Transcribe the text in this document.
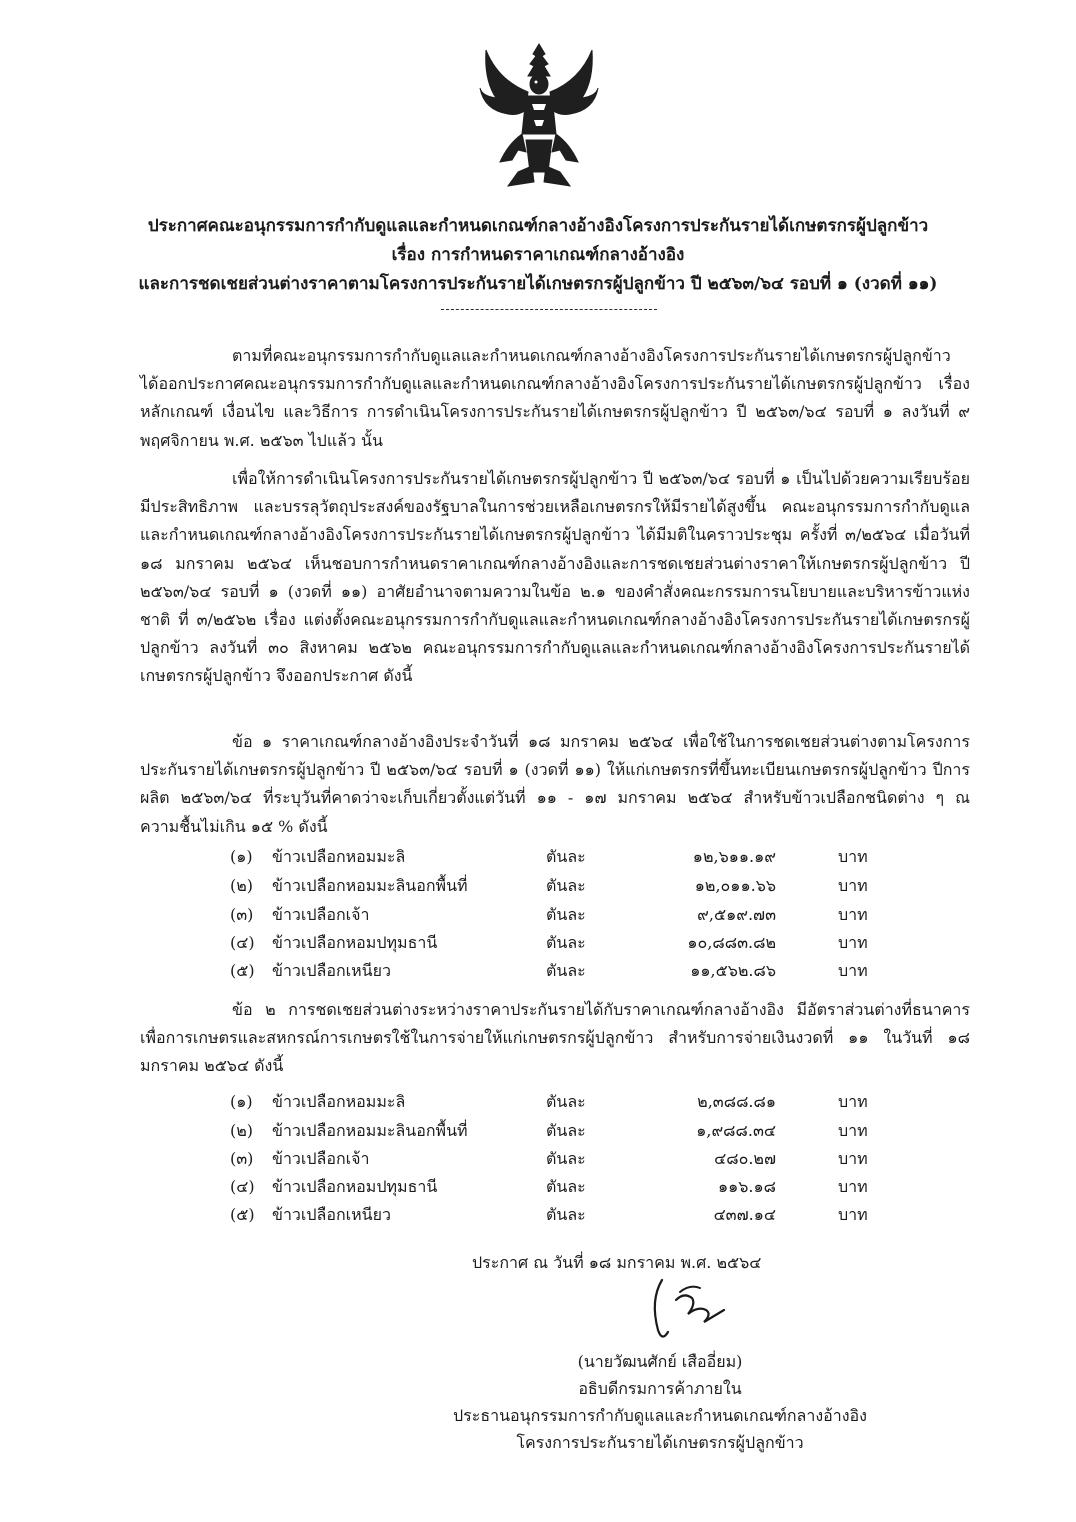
ประกาศคณะอนุกรรมการกำกับดูแลและกำหนดเกณฑ์กลางอ้างอิงโครงการประกันรายได้เกษตรกรผู้ปลูกข้าว
เรื่อง การกำหนดราคาเกณฑ์กลางอ้างอิง
และการชดเชยส่วนต่างราคาตามโครงการประกันรายได้เกษตรกรผู้ปลูกข้าว ปี ๒๕๖๓/๖๔ รอบที่ ๑ (งวดที่ ๑๑)
ตามที่คณะอนุกรรมการกำกับดูแลและกำหนดเกณฑ์กลางอ้างอิงโครงการประกันรายได้เกษตรกรผู้ปลูกข้าว ได้ออกประกาศคณะอนุกรรมการกำกับดูแลและกำหนดเกณฑ์กลางอ้างอิงโครงการประกันรายได้เกษตรกรผู้ปลูกข้าว เรื่อง หลักเกณฑ์ เงื่อนไข และวิธีการ การดำเนินโครงการประกันรายได้เกษตรกรผู้ปลูกข้าว ปี ๒๕๖๓/๖๔ รอบที่ ๑ ลงวันที่ ๙ พฤศจิกายน พ.ศ. ๒๕๖๓ ไปแล้ว นั้น
เพื่อให้การดำเนินโครงการประกันรายได้เกษตรกรผู้ปลูกข้าว ปี ๒๕๖๓/๖๔ รอบที่ ๑ เป็นไปด้วยความเรียบร้อย มีประสิทธิภาพ และบรรลุวัตถุประสงค์ของรัฐบาลในการช่วยเหลือเกษตรกรให้มีรายได้สูงขึ้น คณะอนุกรรมการกำกับดูแลและกำหนดเกณฑ์กลางอ้างอิงโครงการประกันรายได้เกษตรกรผู้ปลูกข้าว ได้มีมติในคราวประชุม ครั้งที่ ๓/๒๕๖๔ เมื่อวันที่ ๑๘ มกราคม ๒๕๖๔ เห็นชอบการกำหนดราคาเกณฑ์กลางอ้างอิงและการชดเชยส่วนต่างราคาให้เกษตรกรผู้ปลูกข้าว ปี ๒๕๖๓/๖๔ รอบที่ ๑ (งวดที่ ๑๑) อาศัยอำนาจตามความในข้อ ๒.๑ ของคำสั่งคณะกรรมการนโยบายและบริหารข้าวแห่งชาติ ที่ ๓/๒๕๖๒ เรื่อง แต่งตั้งคณะอนุกรรมการกำกับดูแลและกำหนดเกณฑ์กลางอ้างอิงโครงการประกันรายได้เกษตรกรผู้ปลูกข้าว ลงวันที่ ๓๐ สิงหาคม ๒๕๖๒ คณะอนุกรรมการกำกับดูแลและกำหนดเกณฑ์กลางอ้างอิงโครงการประกันรายได้เกษตรกรผู้ปลูกข้าว จึงออกประกาศ ดังนี้
ข้อ ๑ ราคาเกณฑ์กลางอ้างอิงประจำวันที่ ๑๘ มกราคม ๒๕๖๔ เพื่อใช้ในการชดเชยส่วนต่างตามโครงการประกันรายได้เกษตรกรผู้ปลูกข้าว ปี ๒๕๖๓/๖๔ รอบที่ ๑ (งวดที่ ๑๑) ให้แก่เกษตรกรที่ขึ้นทะเบียนเกษตรกรผู้ปลูกข้าว ปีการผลิต ๒๕๖๓/๖๔ ที่ระบุวันที่คาดว่าจะเก็บเกี่ยวตั้งแต่วันที่ ๑๑ - ๑๗ มกราคม ๒๕๖๔ สำหรับข้าวเปลือกชนิดต่าง ๆ ณ ความชื้นไม่เกิน ๑๕ % ดังนี้
(๑) ข้าวเปลือกหอมมะลิ	ตันละ	๑๒,๖๑๑.๑๙	บาท
(๒) ข้าวเปลือกหอมมะลินอกพื้นที่	ตันละ	๑๒,๐๑๑.๖๖	บาท
(๓) ข้าวเปลือกเจ้า	ตันละ	๙,๕๑๙.๗๓	บาท
(๔) ข้าวเปลือกหอมปทุมธานี	ตันละ	๑๐,๘๘๓.๘๒	บาท
(๕) ข้าวเปลือกเหนียว	ตันละ	๑๑,๕๖๒.๘๖	บาท
ข้อ ๒ การชดเชยส่วนต่างระหว่างราคาประกันรายได้กับราคาเกณฑ์กลางอ้างอิง มีอัตราส่วนต่างที่ธนาคารเพื่อการเกษตรและสหกรณ์การเกษตรใช้ในการจ่ายให้แก่เกษตรกรผู้ปลูกข้าว สำหรับการจ่ายเงินงวดที่ ๑๑ ในวันที่ ๑๘ มกราคม ๒๕๖๔ ดังนี้
(๑) ข้าวเปลือกหอมมะลิ	ตันละ	๒,๓๘๘.๘๑	บาท
(๒) ข้าวเปลือกหอมมะลินอกพื้นที่	ตันละ	๑,๙๘๘.๓๔	บาท
(๓) ข้าวเปลือกเจ้า	ตันละ	๔๘๐.๒๗	บาท
(๔) ข้าวเปลือกหอมปทุมธานี	ตันละ	๑๑๖.๑๘	บาท
(๕) ข้าวเปลือกเหนียว	ตันละ	๔๓๗.๑๔	บาท
ประกาศ ณ วันที่ ๑๘ มกราคม พ.ศ. ๒๕๖๔
(นายวัฒนศักย์ เสืออี่ยม)
อธิบดีกรมการค้าภายใน
ประธานอนุกรรมการกำกับดูแลและกำหนดเกณฑ์กลางอ้างอิง
โครงการประกันรายได้เกษตรกรผู้ปลูกข้าว
